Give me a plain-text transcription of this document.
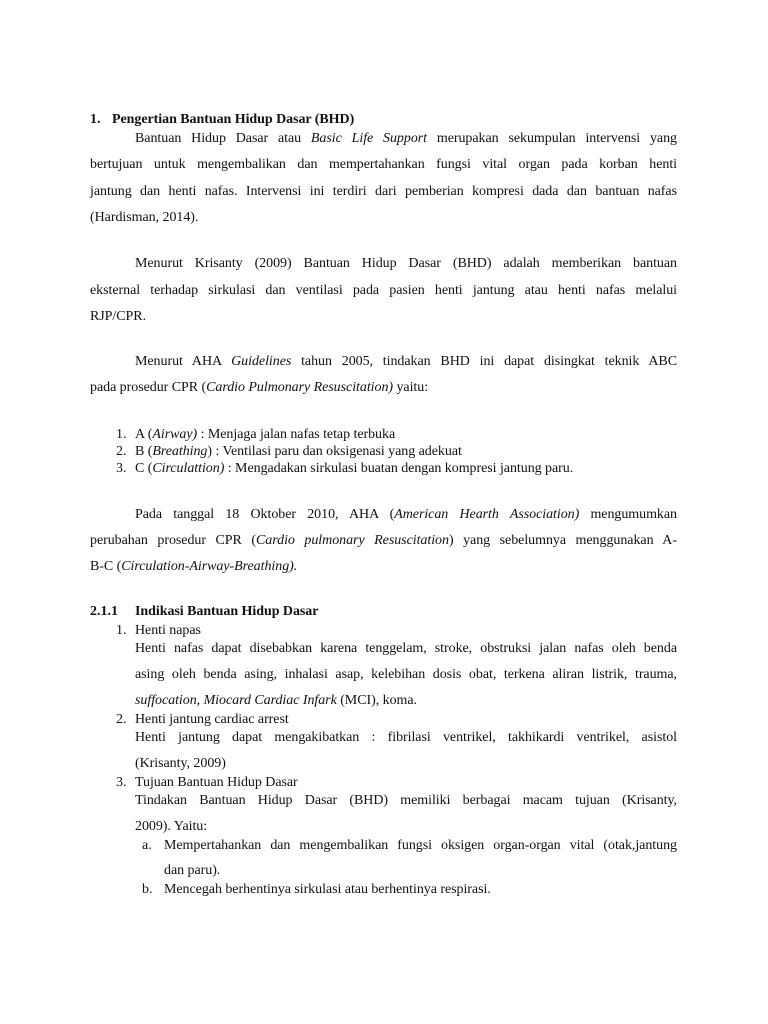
1. Pengertian Bantuan Hidup Dasar (BHD)
Bantuan Hidup Dasar atau Basic Life Support merupakan sekumpulan intervensi yang
bertujuan untuk mengembalikan dan mempertahankan fungsi vital organ pada korban henti
jantung dan henti nafas. Intervensi ini terdiri dari pemberian kompresi dada dan bantuan nafas
(Hardisman, 2014).
Menurut Krisanty (2009) Bantuan Hidup Dasar (BHD) adalah memberikan bantuan
eksternal terhadap sirkulasi dan ventilasi pada pasien henti jantung atau henti nafas melalui
RJP/CPR.
Menurut AHA Guidelines tahun 2005, tindakan BHD ini dapat disingkat teknik ABC
pada prosedur CPR (Cardio Pulmonary Resuscitation) yaitu:
1. A (Airway) : Menjaga jalan nafas tetap terbuka
2. B (Breathing) : Ventilasi paru dan oksigenasi yang adekuat
3. C (Circulattion) : Mengadakan sirkulasi buatan dengan kompresi jantung paru.
Pada tanggal 18 Oktober 2010, AHA (American Hearth Association) mengumumkan
perubahan prosedur CPR (Cardio pulmonary Resuscitation) yang sebelumnya menggunakan A-
B-C (Circulation-Airway-Breathing).
2.1.1 Indikasi Bantuan Hidup Dasar
1. Henti napas
Henti nafas dapat disebabkan karena tenggelam, stroke, obstruksi jalan nafas oleh benda
asing oleh benda asing, inhalasi asap, kelebihan dosis obat, terkena aliran listrik, trauma,
suffocation, Miocard Cardiac Infark (MCI), koma.
2. Henti jantung cardiac arrest
Henti jantung dapat mengakibatkan : fibrilasi ventrikel, takhikardi ventrikel, asistol
(Krisanty, 2009)
3. Tujuan Bantuan Hidup Dasar
Tindakan Bantuan Hidup Dasar (BHD) memiliki berbagai macam tujuan (Krisanty,
2009). Yaitu:
a. Mempertahankan dan mengembalikan fungsi oksigen organ-organ vital (otak,jantung
dan paru).
b. Mencegah berhentinya sirkulasi atau berhentinya respirasi.
